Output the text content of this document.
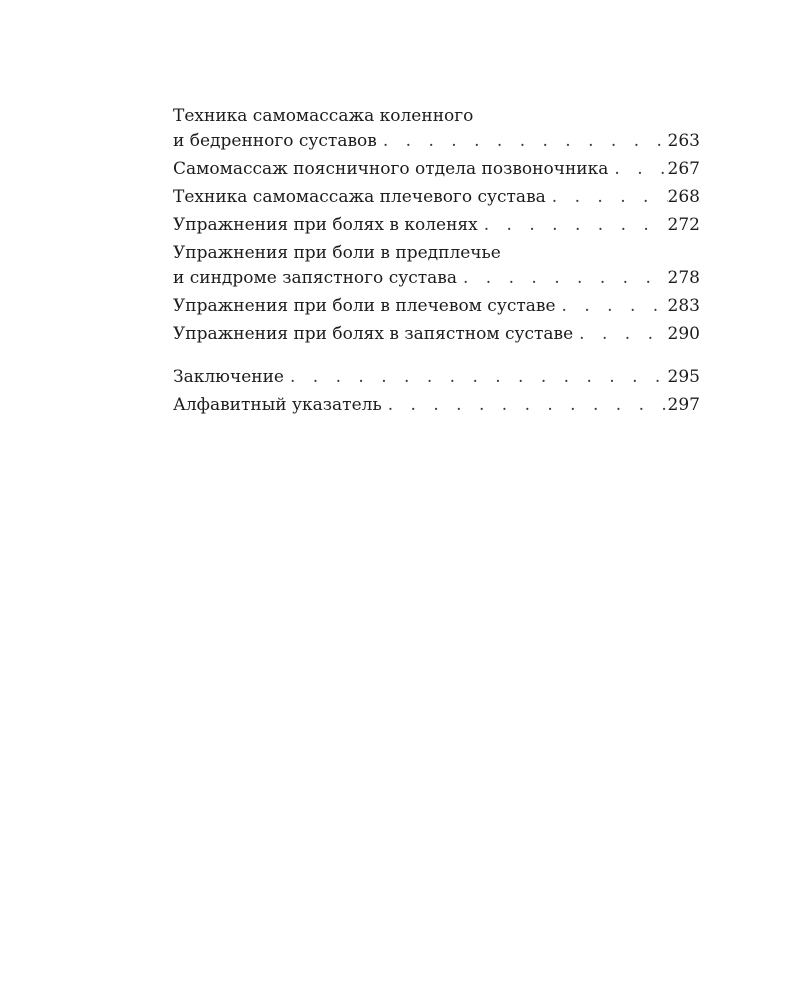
Техника самомассажа коленного
и бедренного суставов . . .	263
Самомассаж поясничного отдела позвоночника . . .	267
Техника самомассажа плечевого сустава . . .	268
Упражнения при болях в коленях . . .	272
Упражнения при боли в предплечье
и синдроме запястного сустава . . .	278
Упражнения при боли в плечевом суставе . . .	283
Упражнения при болях в запястном суставе . . .	290
Заключение . . .	295
Алфавитный указатель . . .	297
